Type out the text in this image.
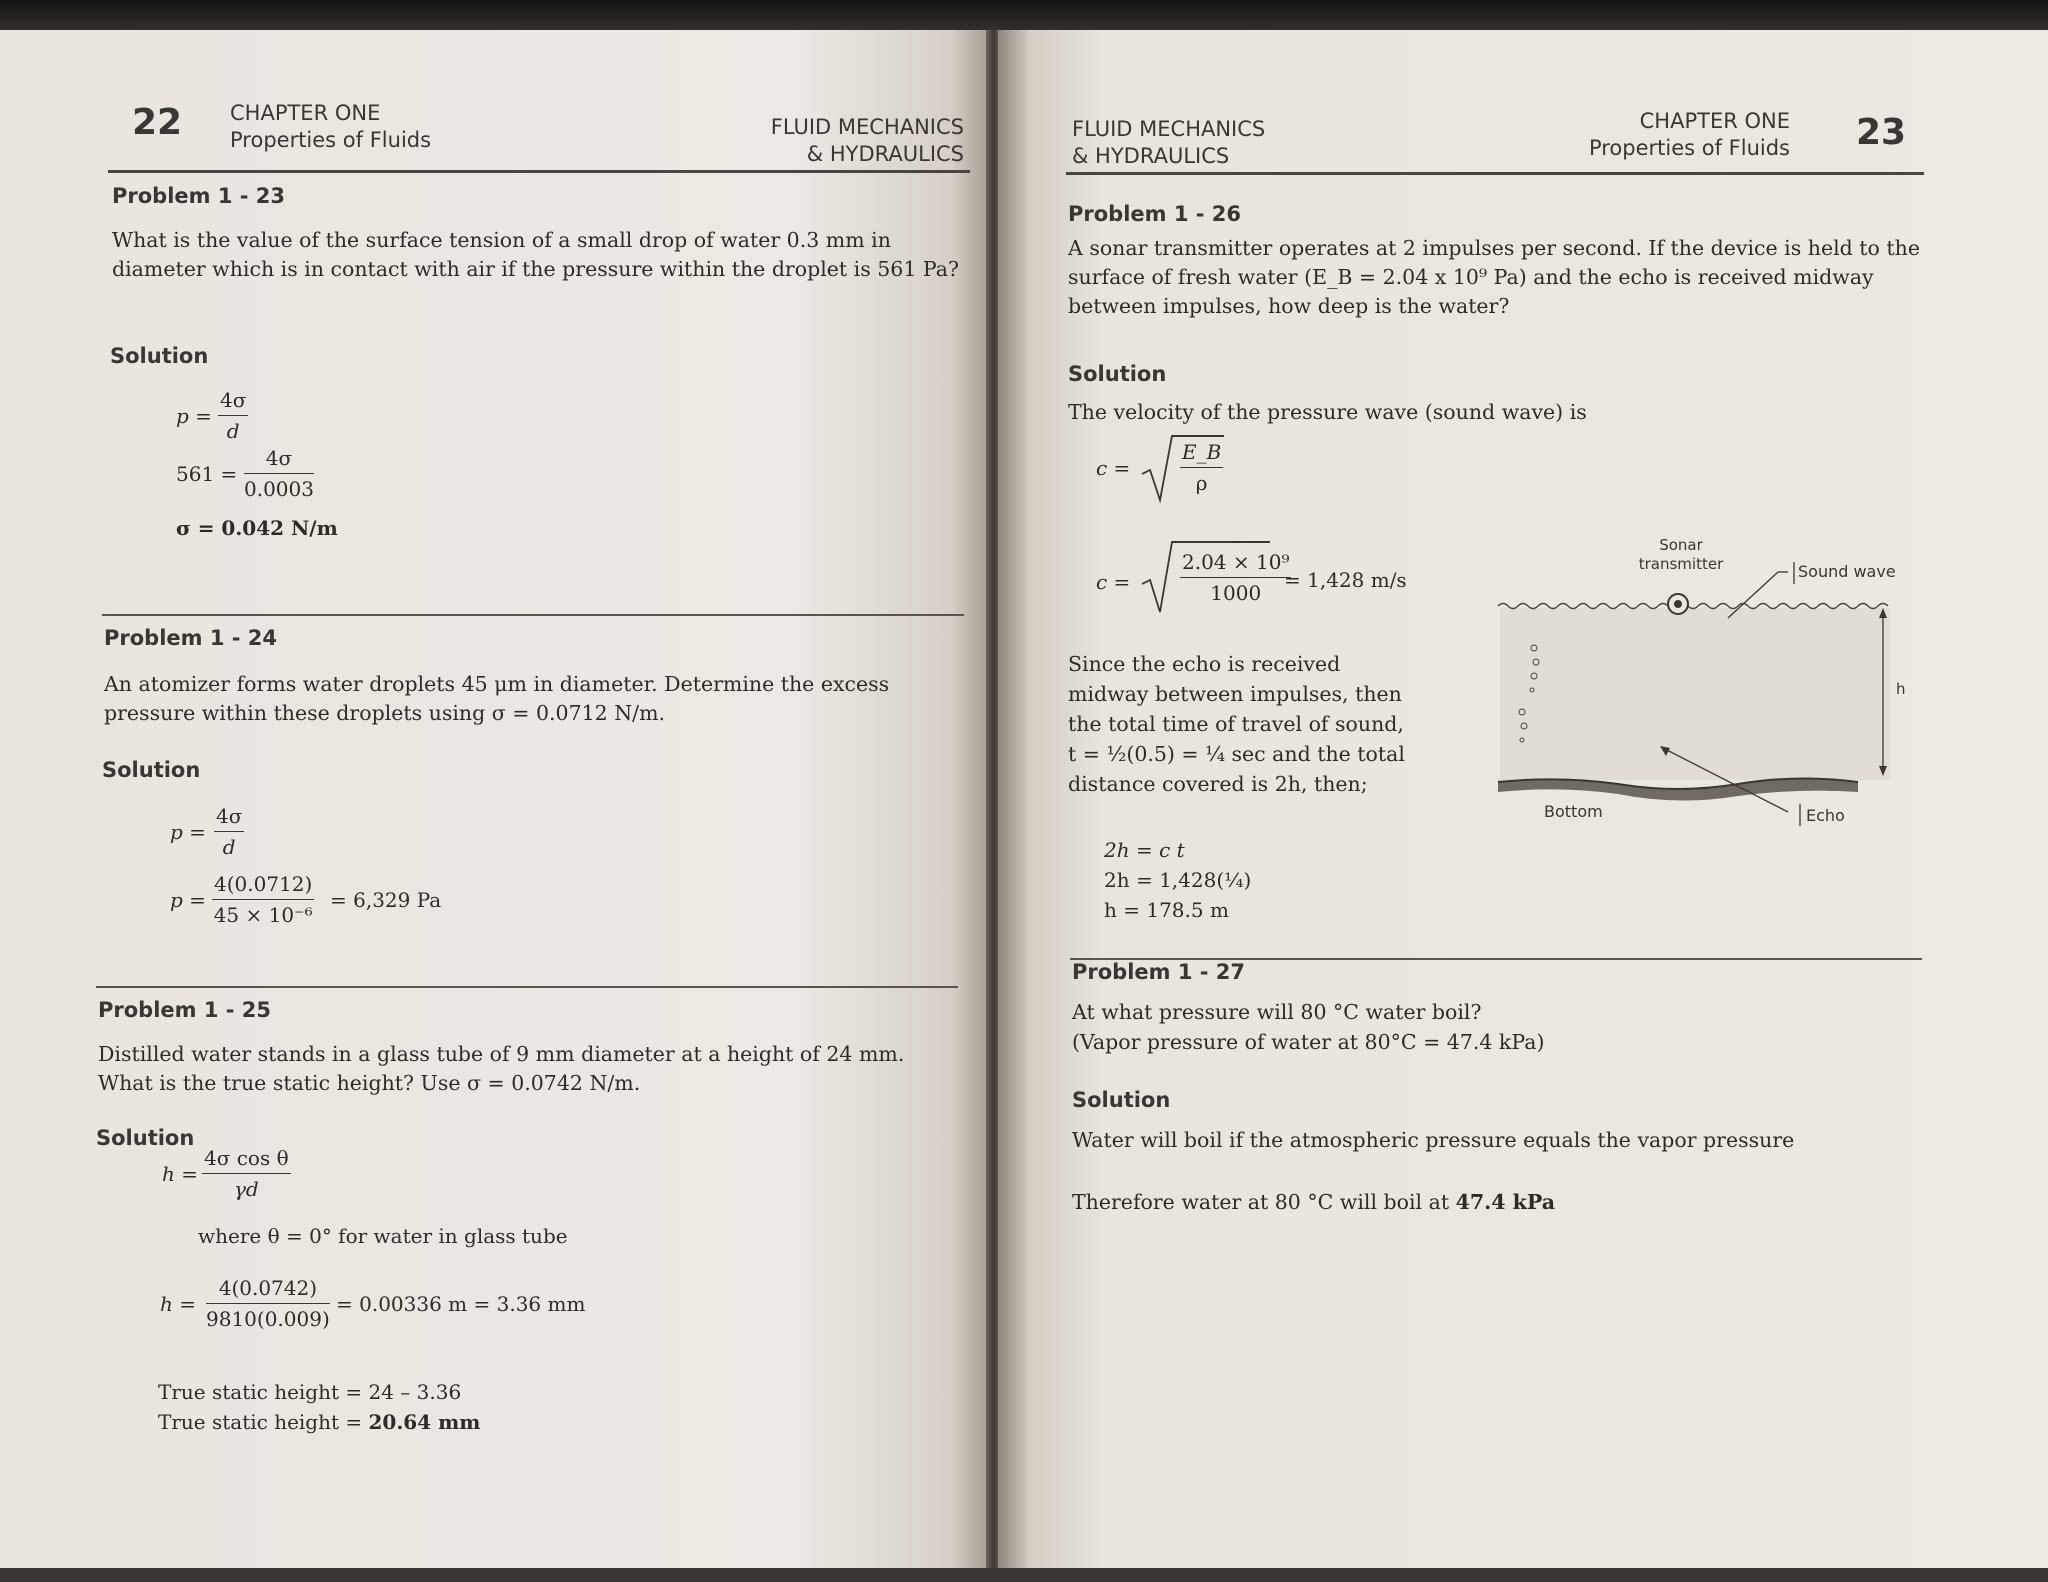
22 CHAPTER ONE
Properties of Fluids
FLUID MECHANICS
& HYDRAULICS
Problem 1 - 23
What is the value of the surface tension of a small drop of water 0.3 mm in diameter which is in contact with air if the pressure within the droplet is 561 Pa?
Solution
$p = \frac{4\sigma}{d}$
$561 = \frac{4\sigma}{0.0003}$
σ = 0.042 N/m
Problem 1 - 24
An atomizer forms water droplets 45 μm in diameter. Determine the excess pressure within these droplets using σ = 0.0712 N/m.
Solution
$p = \frac{4\sigma}{d}$
$p = \frac{4(0.0712)}{\text{45 × 10⁻⁶}} = 6,329$ Pa
Problem 1 - 25
Distilled water stands in a glass tube of 9 mm diameter at a height of 24 mm. What is the true static height? Use σ = 0.0742 N/m.
Solution
$h = \frac{\text{4σ cos θ}}{\gamma d}$
where θ = 0° for water in glass tube
$h = \frac{4(0.0742)}{9810(0.009)} = 0.00336$ m = 3.36 mm
True static height = 24 – 3.36
True static height = 20.64 mm
FLUID MECHANICS
& HYDRAULICS
CHAPTER ONE
Properties of Fluids 23
Problem 1 - 26
A sonar transmitter operates at 2 impulses per second. If the device is held to the surface of fresh water (E_B = 2.04 x 10⁹ Pa) and the echo is received midway between impulses, how deep is the water?
Solution
The velocity of the pressure wave (sound wave) is
$c = \frac{E\_B}{\rho}$
$c = \frac{\text{2.04 × 10⁹}}{1000}$
= 1,428 m/s
Since the echo is received
midway between impulses, then
the total time of travel of sound,
t = ½(0.5) = ¼ sec and the total
distance covered is 2h, then;
2h = c t
2h = 1,428(¼)
h = 178.5 m
Sonar
transmitter	Sound wave
h
Bottom	Echo
Problem 1 - 27
At what pressure will 80 °C water boil?
(Vapor pressure of water at 80°C = 47.4 kPa)
Solution
Water will boil if the atmospheric pressure equals the vapor pressure
Therefore water at 80 °C will boil at 47.4 kPa
